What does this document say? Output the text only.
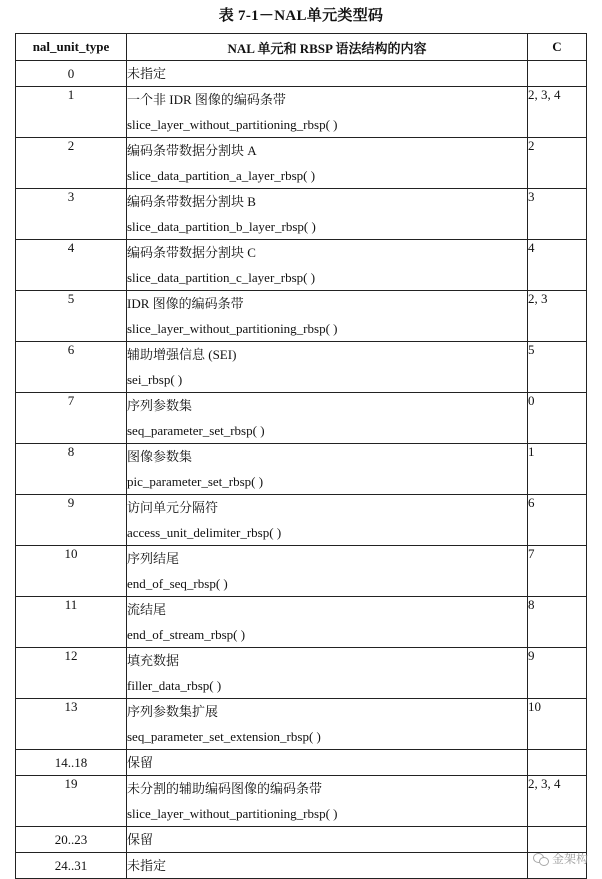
表 7-1－NAL单元类型码
nal_unit_type	NAL 单元和 RBSP 语法结构的内容	C
0	未指定	

1	一个非 IDR 图像的编码条带
slice_layer_without_partitioning_rbsp( )	2, 3, 4
2	编码条带数据分割块 A
slice_data_partition_a_layer_rbsp( )	2
3	编码条带数据分割块 B
slice_data_partition_b_layer_rbsp( )	3
4	编码条带数据分割块 C
slice_data_partition_c_layer_rbsp( )	4
5	IDR 图像的编码条带
slice_layer_without_partitioning_rbsp( )	2, 3
6	辅助增强信息 (SEI)
sei_rbsp( )	5
7	序列参数集
seq_parameter_set_rbsp( )	0
8	图像参数集
pic_parameter_set_rbsp( )	1
9	访问单元分隔符
access_unit_delimiter_rbsp( )	6
10	序列结尾
end_of_seq_rbsp( )	7
11	流结尾
end_of_stream_rbsp( )	8
12	填充数据
filler_data_rbsp( )	9
13	序列参数集扩展
seq_parameter_set_extension_rbsp( )	10
14..18	保留	

19	未分割的辅助编码图像的编码条带
slice_layer_without_partitioning_rbsp( )	2, 3, 4
20..23	保留	

24..31	未指定	
		金架构
